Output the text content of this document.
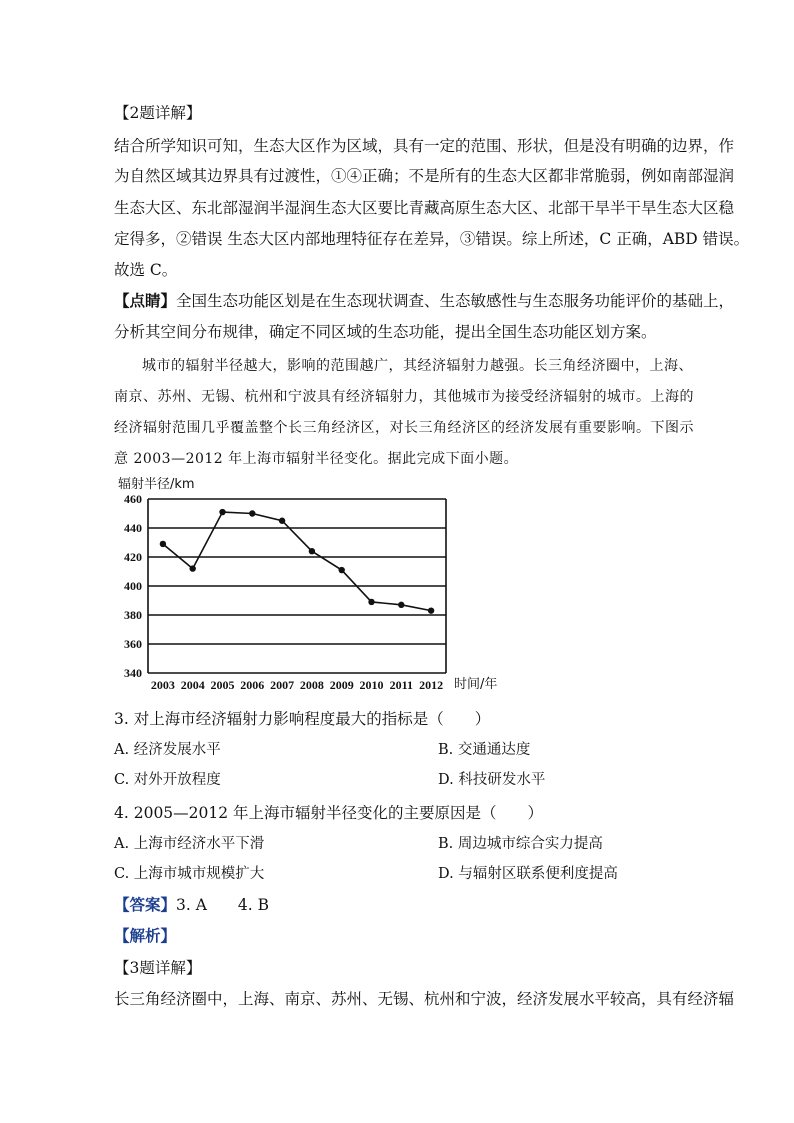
【2题详解】
结合所学知识可知，生态大区作为区域，具有一定的范围、形状，但是没有明确的边界，作
为自然区域其边界具有过渡性，①④正确；不是所有的生态大区都非常脆弱，例如南部湿润
生态大区、东北部湿润半湿润生态大区要比青藏高原生态大区、北部干旱半干旱生态大区稳
定得多，②错误 生态大区内部地理特征存在差异，③错误。综上所述，C 正确，ABD 错误。
故选 C。
【点睛】全国生态功能区划是在生态现状调查、生态敏感性与生态服务功能评价的基础上，
分析其空间分布规律，确定不同区域的生态功能，提出全国生态功能区划方案。
城市的辐射半径越大，影响的范围越广，其经济辐射力越强。长三角经济圈中，上海、
南京、苏州、无锡、杭州和宁波具有经济辐射力，其他城市为接受经济辐射的城市。上海的
经济辐射范围几乎覆盖整个长三角经济区，对长三角经济区的经济发展有重要影响。下图示
意 2003—2012 年上海市辐射半径变化。据此完成下面小题。
辐射半径/km
460
440
420
400
380
360
340
2003 2004 2005 2006 2007 2008 2009 2010 2011 2012 时间/年
3. 对上海市经济辐射力影响程度最大的指标是（　　）
A. 经济发展水平	B. 交通通达度
C. 对外开放程度	D. 科技研发水平
4. 2005—2012 年上海市辐射半径变化的主要原因是（　　）
A. 上海市经济水平下滑	B. 周边城市综合实力提高
C. 上海市城市规模扩大	D. 与辐射区联系便利度提高
【答案】3. A　　4. B
【解析】
【3题详解】
长三角经济圈中，上海、南京、苏州、无锡、杭州和宁波，经济发展水平较高，具有经济辐
